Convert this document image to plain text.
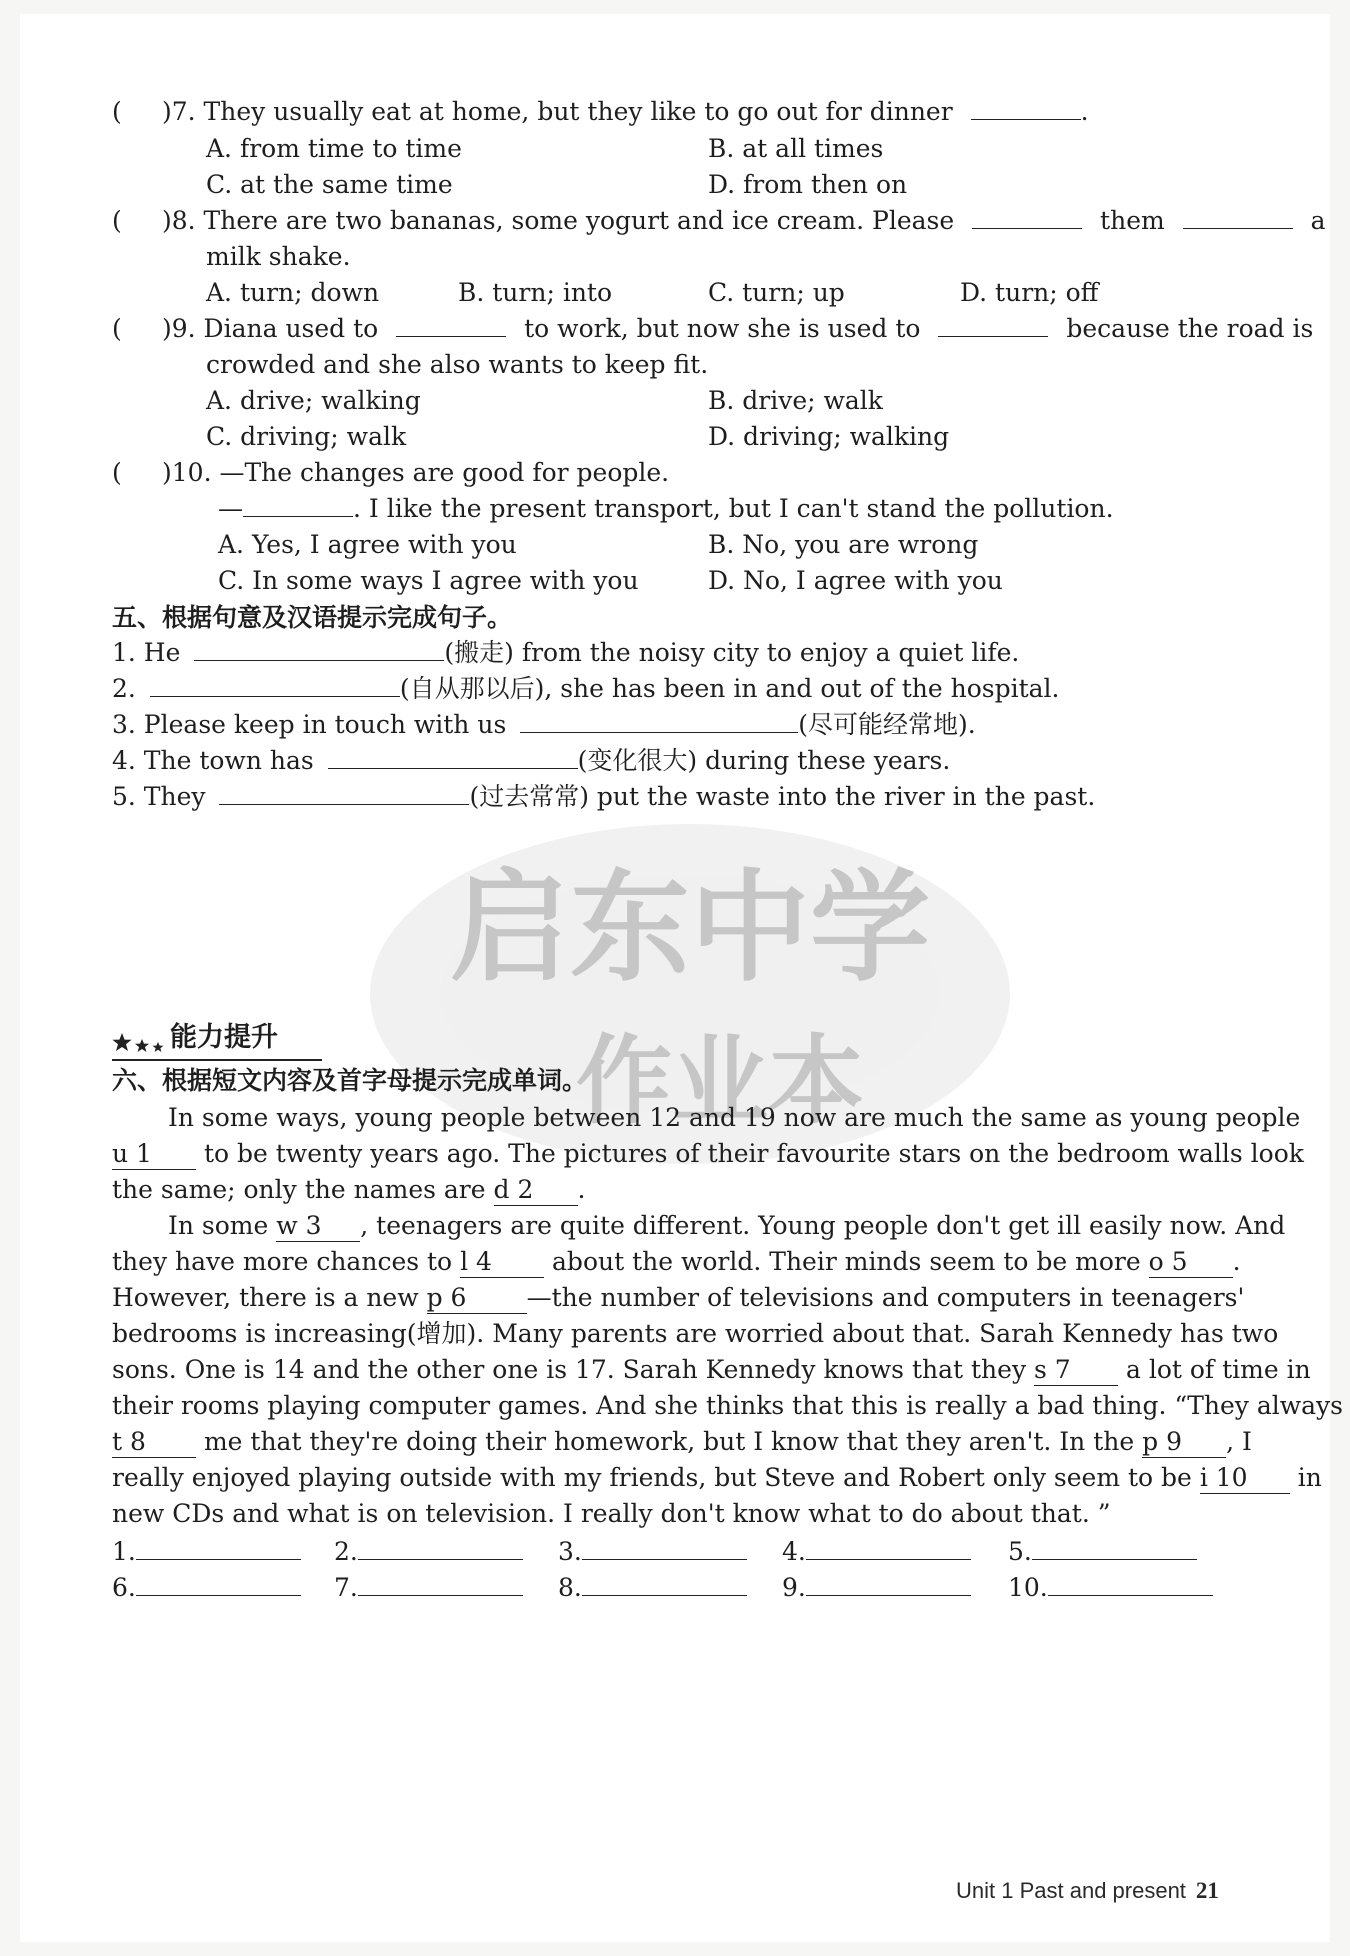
启东中学
作业本
( )7. They usually eat at home, but they like to go out for dinner	.
A. from time to time	B. at all times
C. at the same time	D. from then on
( )8. There are two bananas, some yogurt and ice cream. Please	them	a
milk shake.
A. turn; down	B. turn; into	C. turn; up	D. turn; off
( )9. Diana used to	to work, but now she is used to	because the road is
crowded and she also wants to keep fit.
A. drive; walking	B. drive; walk
C. driving; walk	D. driving; walking
( )10. —The changes are good for people.
—	. I like the present transport, but I can't stand the pollution.
A. Yes, I agree with you	B. No, you are wrong
C. In some ways I agree with you	D. No, I agree with you
五、根据句意及汉语提示完成句子。
1. He	(搬走) from the noisy city to enjoy a quiet life.
2.	(自从那以后), she has been in and out of the hospital.
3. Please keep in touch with us	(尽可能经常地).
4. The town has	(变化很大) during these years.
5. They	(过去常常) put the waste into the river in the past.
能力提升
六、根据短文内容及首字母提示完成单词。
In some ways, young people between 12 and 19 now are much the same as young people
u 1 to be twenty years ago. The pictures of their favourite stars on the bedroom walls look
the same; only the names are d 2 .
In some w 3 , teenagers are quite different. Young people don't get ill easily now. And
they have more chances to l 4 about the world. Their minds seem to be more o 5 .
However, there is a new p 6 —the number of televisions and computers in teenagers'
bedrooms is increasing(增加). Many parents are worried about that. Sarah Kennedy has two
sons. One is 14 and the other one is 17. Sarah Kennedy knows that they s 7 a lot of time in
their rooms playing computer games. And she thinks that this is really a bad thing. “They always
t 8 me that they're doing their homework, but I know that they aren't. In the p 9 , I
really enjoyed playing outside with my friends, but Steve and Robert only seem to be i 10 in
new CDs and what is on television. I really don't know what to do about that. ”
1.	2.	3.	4.	5.
6.	7.	8.	9.	10.
Unit 1 Past and present 21
